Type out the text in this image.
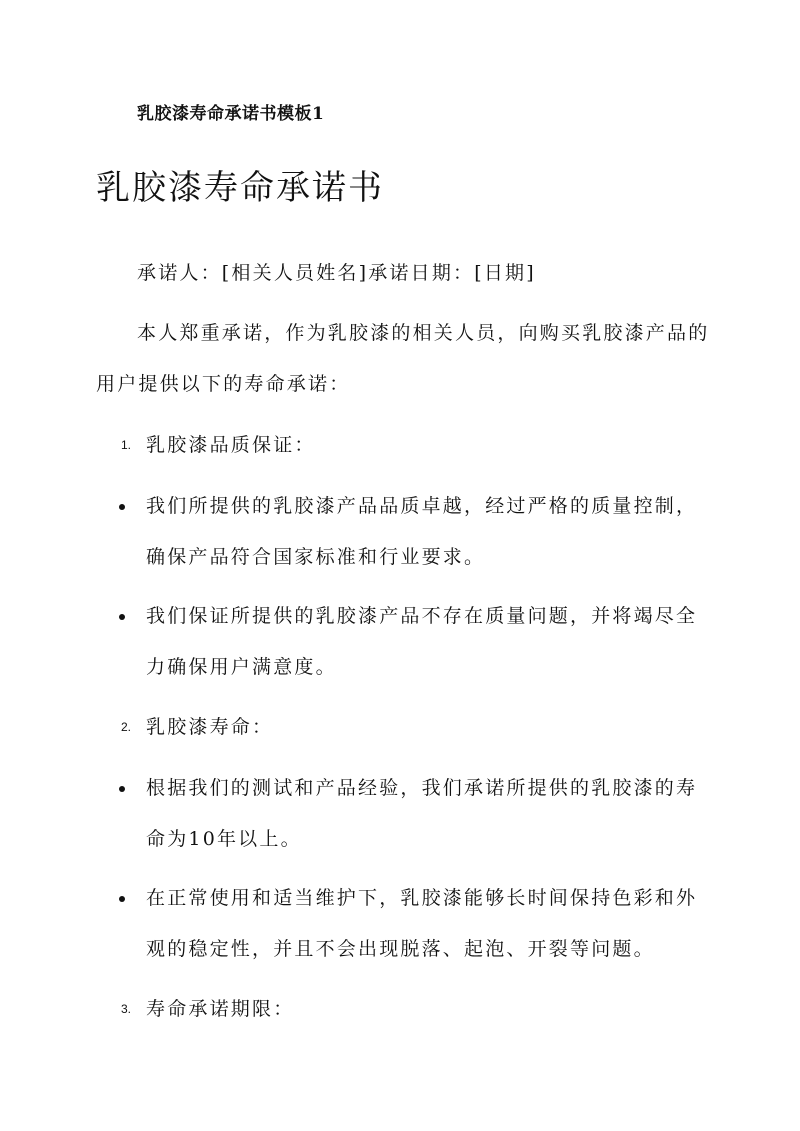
乳胶漆寿命承诺书模板1
乳胶漆寿命承诺书
承诺人：[相关人员姓名]承诺日期：[日期]
本人郑重承诺，作为乳胶漆的相关人员，向购买乳胶漆产品的
用户提供以下的寿命承诺：
1. 乳胶漆品质保证：
我们所提供的乳胶漆产品品质卓越，经过严格的质量控制，
确保产品符合国家标准和行业要求。
我们保证所提供的乳胶漆产品不存在质量问题，并将竭尽全
力确保用户满意度。
2. 乳胶漆寿命：
根据我们的测试和产品经验，我们承诺所提供的乳胶漆的寿
命为10年以上。
在正常使用和适当维护下，乳胶漆能够长时间保持色彩和外
观的稳定性，并且不会出现脱落、起泡、开裂等问题。
3. 寿命承诺期限：
